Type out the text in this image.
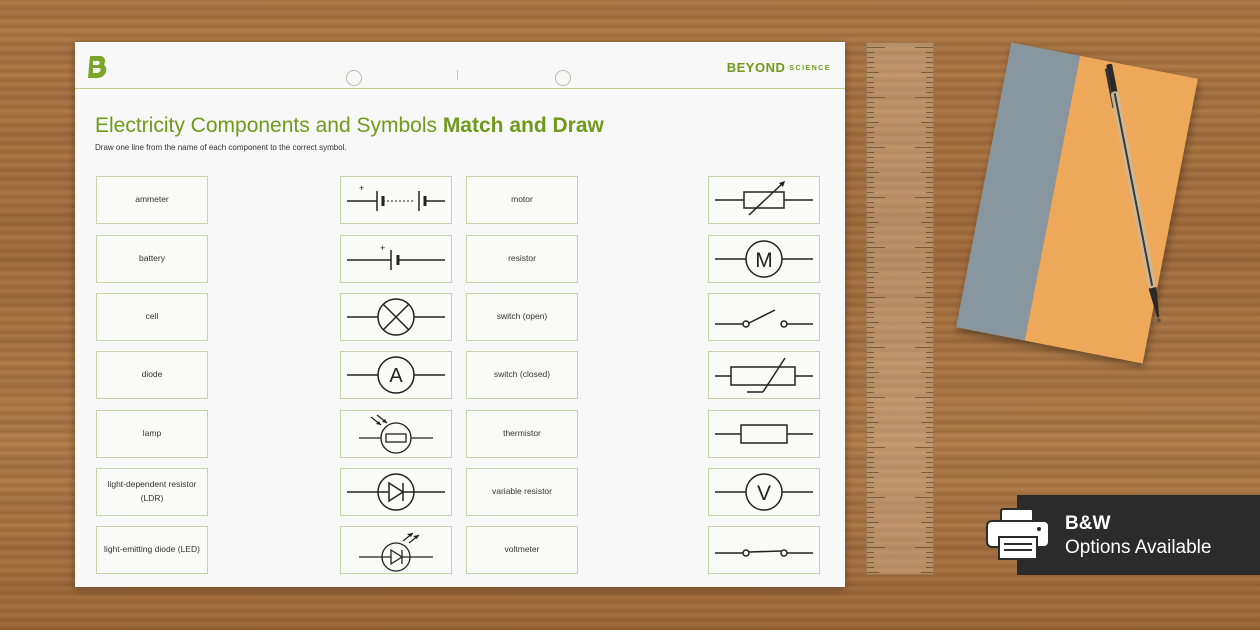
BEYOND SCIENCE
Electricity Components and Symbols Match and Draw
Draw one line from the name of each component to the correct symbol.
ammeter
battery
cell
diode
lamp
light-dependent resistor (LDR)
light-emitting diode (LED)
+
+
A
motor
resistor
switch (open)
switch (closed)
thermistor
variable resistor
voltmeter
M
V
B&W
Options Available
